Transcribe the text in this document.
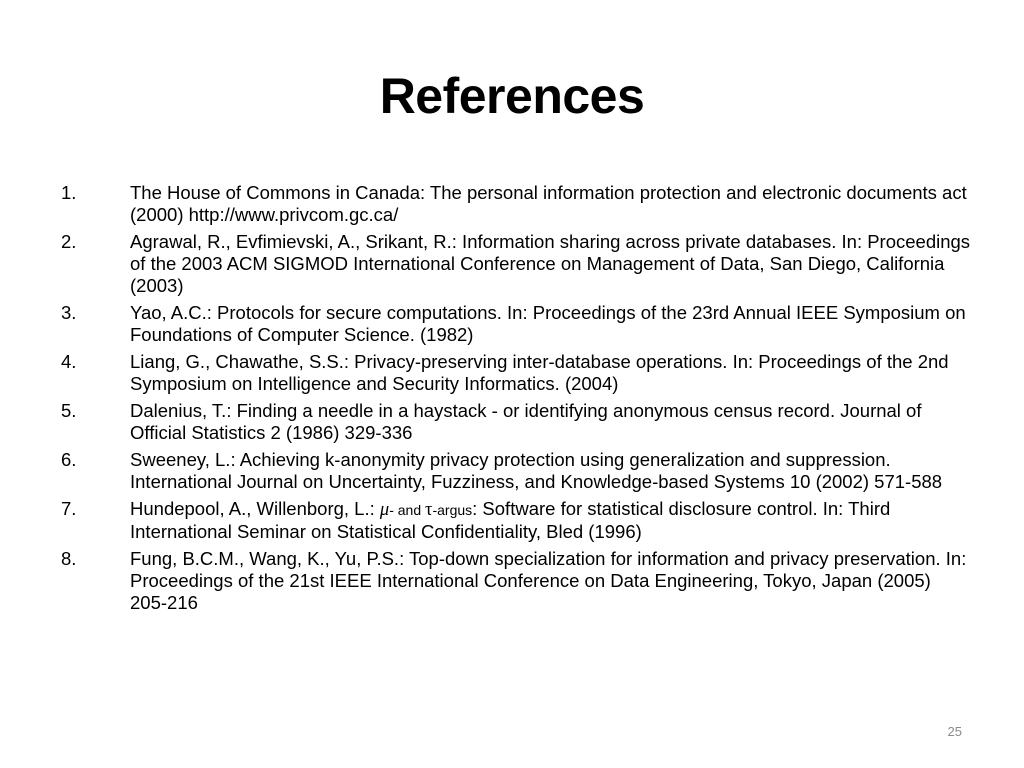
References
1.	The House of Commons in Canada: The personal information protection and electronic documents act (2000) http://www.privcom.gc.ca/
2.	Agrawal, R., Evfimievski, A., Srikant, R.: Information sharing across private databases. In: Proceedings of the 2003 ACM SIGMOD International Conference on Management of Data, San Diego, California (2003)
3.	Yao, A.C.: Protocols for secure computations. In: Proceedings of the 23rd Annual IEEE Symposium on Foundations of Computer Science. (1982)
4.	Liang, G., Chawathe, S.S.: Privacy-preserving inter-database operations. In: Proceedings of the 2nd Symposium on Intelligence and Security Informatics. (2004)
5.	Dalenius, T.: Finding a needle in a haystack - or identifying anonymous census record. Journal of Official Statistics 2 (1986) 329-336
6.	Sweeney, L.: Achieving k-anonymity privacy protection using generalization and suppression. International Journal on Uncertainty, Fuzziness, and Knowledge-based Systems 10 (2002) 571-588
7.	Hundepool, A., Willenborg, L.: μ- and τ-argus: Software for statistical disclosure control. In: Third International Seminar on Statistical Confidentiality, Bled (1996)
8.	Fung, B.C.M., Wang, K., Yu, P.S.: Top-down specialization for information and privacy preservation. In: Proceedings of the 21st IEEE International Conference on Data Engineering, Tokyo, Japan (2005) 205-216
25
